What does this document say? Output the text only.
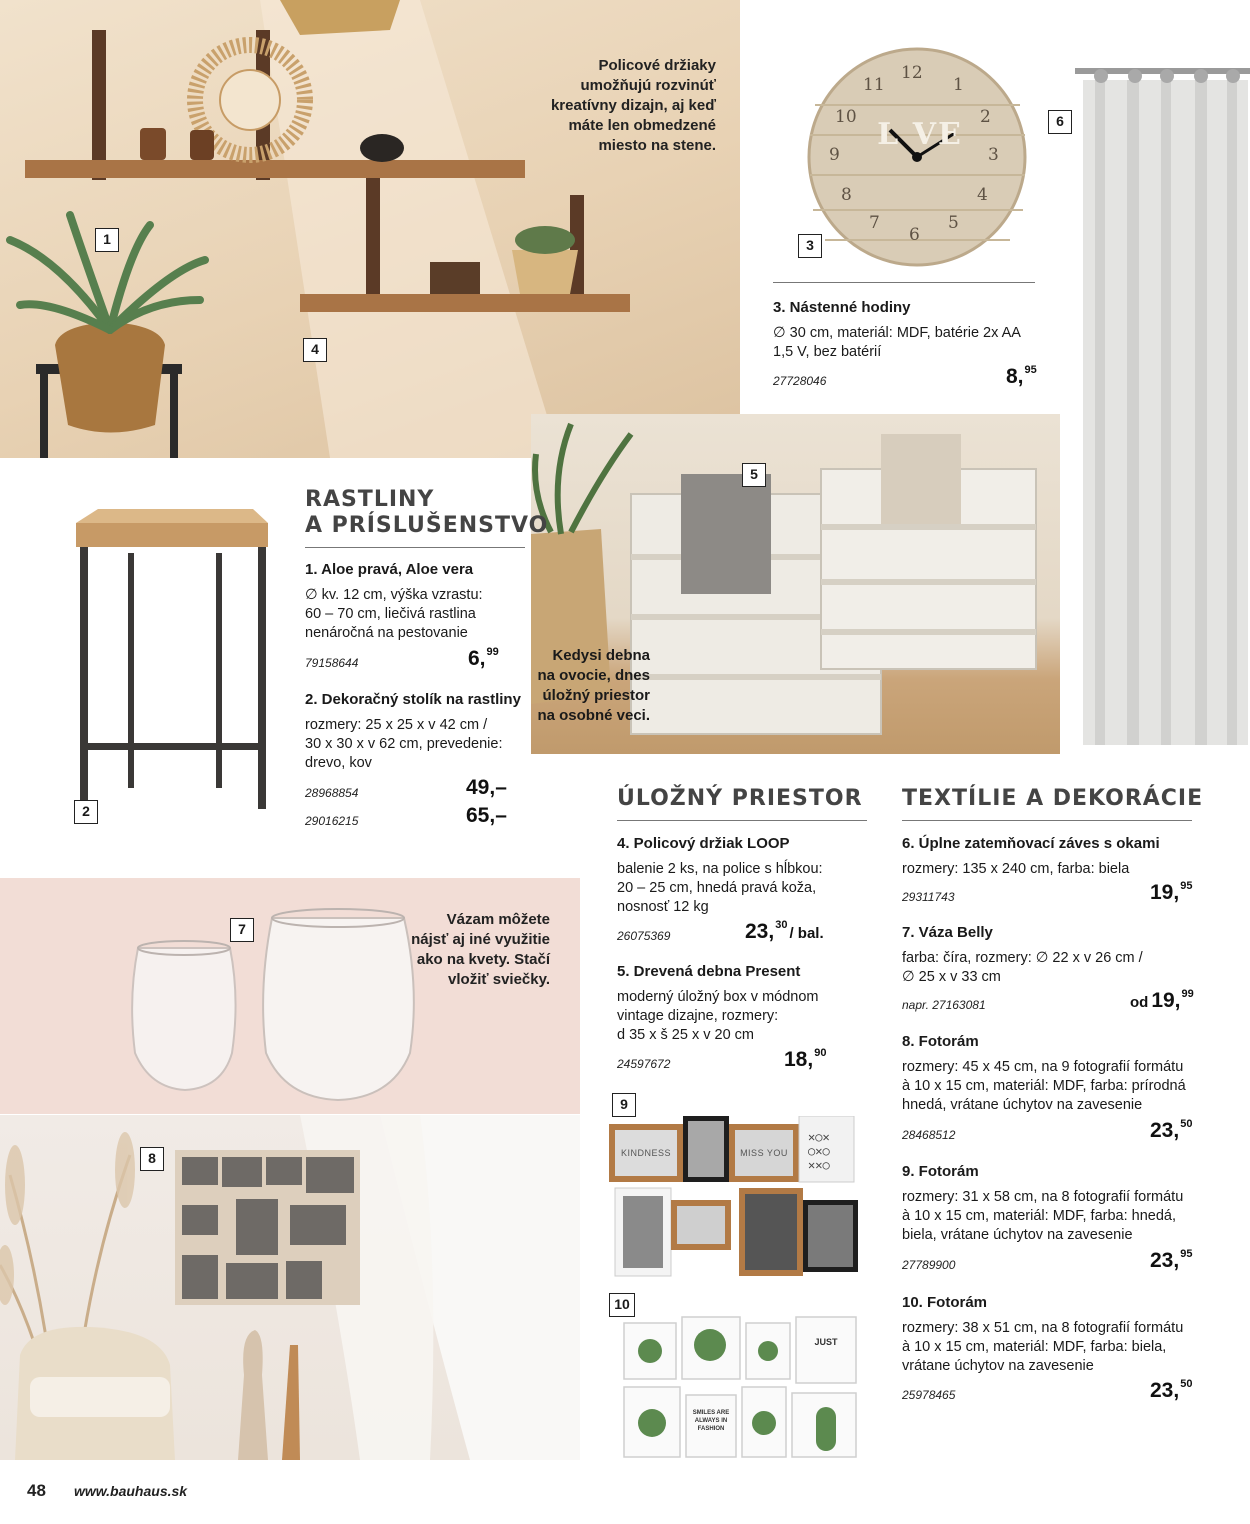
Policové držiaky
umožňujú rozvinúť
kreatívny dizajn, aj keď
máte len obmedzené
miesto na stene.
1
4
L VE
12
1
2
3
4
5
6
7
8
9
10
11
3
3. Nástenné hodiny
∅ 30 cm, materiál: MDF, batérie 2x AA
1,5 V, bez batérií
27728046	8,95
6
5
Kedysi debna
na ovocie, dnes
úložný priestor
na osobné veci.
2
RASTLINY
A PRÍSLUŠENSTVO
1. Aloe pravá, Aloe vera
∅ kv. 12 cm, výška vzrastu:
60 – 70 cm, liečivá rastlina
nenáročná na pestovanie
79158644	6,99
2. Dekoračný stolík na rastliny
rozmery: 25 x 25 x v 42 cm /
30 x 30 x v 62 cm, prevedenie:
drevo, kov
28968854	49,–
29016215	65,–
7
Vázam môžete
nájsť aj iné využitie
ako na kvety. Stačí
vložiť sviečky.
8
ÚLOŽNÝ PRIESTOR
4. Policový držiak LOOP
balenie 2 ks, na police s hĺbkou:
20 – 25 cm, hnedá pravá koža,
nosnosť 12 kg
26075369	23,30 / bal.
5. Drevená debna Present
moderný úložný box v módnom
vintage dizajne, rozmery:
d 35 x š 25 x v 20 cm
24597672	18,90
9
KINDNESS	MISS YOU
✕○✕
○✕○
✕✕○
10
JUST
SMILES ARE ALWAYS IN FASHION
TEXTÍLIE A DEKORÁCIE
6. Úplne zatemňovací záves s okami
rozmery: 135 x 240 cm, farba: biela
29311743	19,95
7. Váza Belly
farba: číra, rozmery: ∅ 22 x v 26 cm /
∅ 25 x v 33 cm
napr. 27163081	od 19,99
8. Fotorám
rozmery: 45 x 45 cm, na 9 fotografií formátu
à 10 x 15 cm, materiál: MDF, farba: prírodná
hnedá, vrátane úchytov na zavesenie
28468512	23,50
9. Fotorám
rozmery: 31 x 58 cm, na 8 fotografií formátu
à 10 x 15 cm, materiál: MDF, farba: hnedá,
biela, vrátane úchytov na zavesenie
27789900	23,95
10. Fotorám
rozmery: 38 x 51 cm, na 8 fotografií formátu
à 10 x 15 cm, materiál: MDF, farba: biela,
vrátane úchytov na zavesenie
25978465	23,50
48 www.bauhaus.sk
